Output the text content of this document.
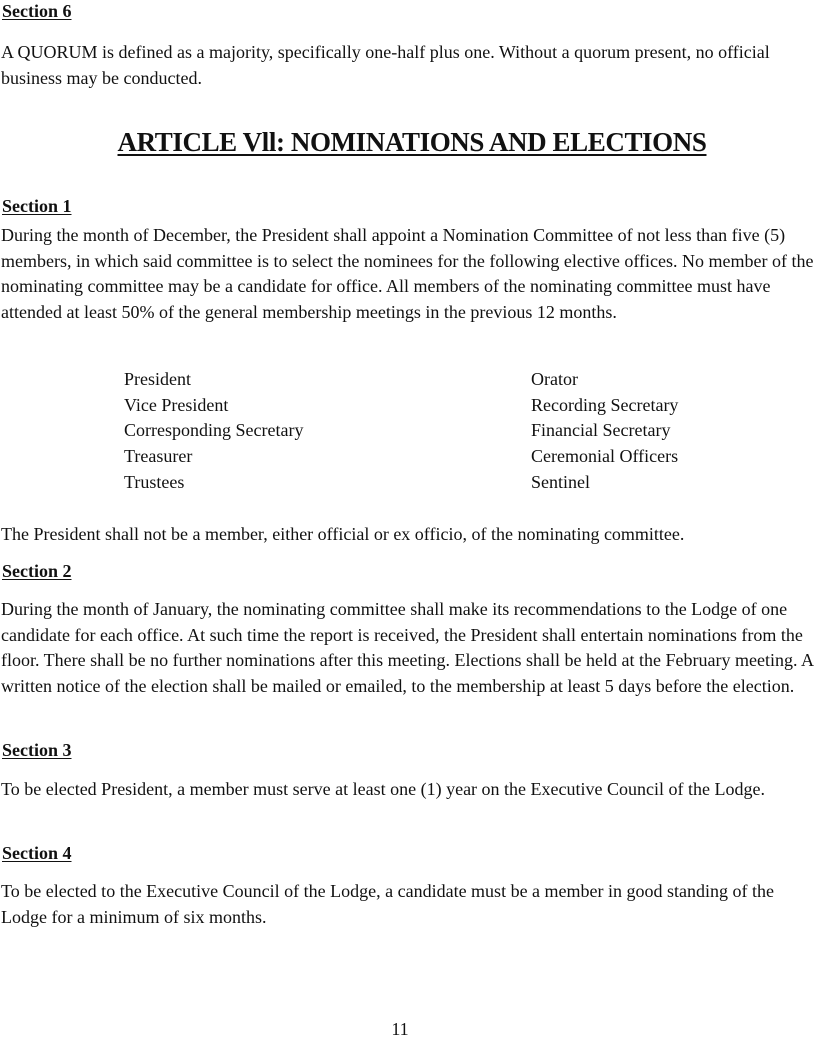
Section 6

A QUORUM is defined as a majority, specifically one-half plus one. Without a quorum present, no official business may be conducted.

ARTICLE Vll: NOMINATIONS AND ELECTIONS
Section 1

During the month of December, the President shall appoint a Nomination Committee of not less than five (5) members, in which said committee is to select the nominees for the following elective offices. No member of the nominating committee may be a candidate for office. All members of the nominating committee must have attended at least 50% of the general membership meetings in the previous 12 months.

President
Vice President
Corresponding Secretary
Treasurer
Trustees
Orator
Recording Secretary
Financial Secretary
Ceremonial Officers
Sentinel

The President shall not be a member, either official or ex officio, of the nominating committee.

Section 2

During the month of January, the nominating committee shall make its recommendations to the Lodge of one candidate for each office. At such time the report is received, the President shall entertain nominations from the floor. There shall be no further nominations after this meeting. Elections shall be held at the February meeting. A written notice of the election shall be mailed or emailed, to the membership at least 5 days before the election.

Section 3

To be elected President, a member must serve at least one (1) year on the Executive Council of the Lodge.

Section 4

To be elected to the Executive Council of the Lodge, a candidate must be a member in good standing of the Lodge for a minimum of six months.

11
